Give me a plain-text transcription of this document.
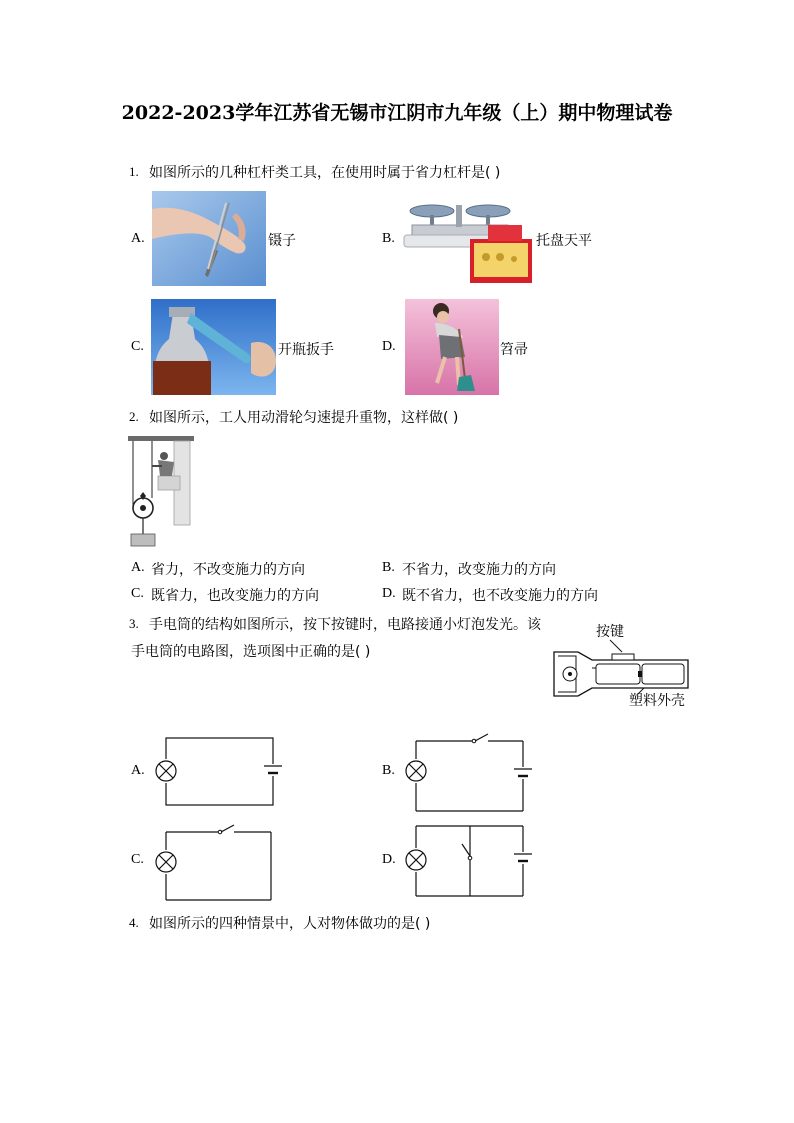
2022-2023学年江苏省无锡市江阴市九年级（上）期中物理试卷
1. 如图所示的几种杠杆类工具，在使用时属于省力杠杆是( )
A.	镊子	B.	托盘天平
C.	开瓶扳手	D.	笤帚
2. 如图所示，工人用动滑轮匀速提升重物，这样做( )
A. 省力，不改变施力的方向	B. 不省力，改变施力的方向
C. 既省力，也改变施力的方向	D. 既不省力，也不改变施力的方向
3. 手电筒的结构如图所示，按下按键时，电路接通小灯泡发光。该
手电筒的电路图，选项图中正确的是( )
按键
塑料外壳
A.	B.
C.	D.
4. 如图所示的四种情景中，人对物体做功的是( )
